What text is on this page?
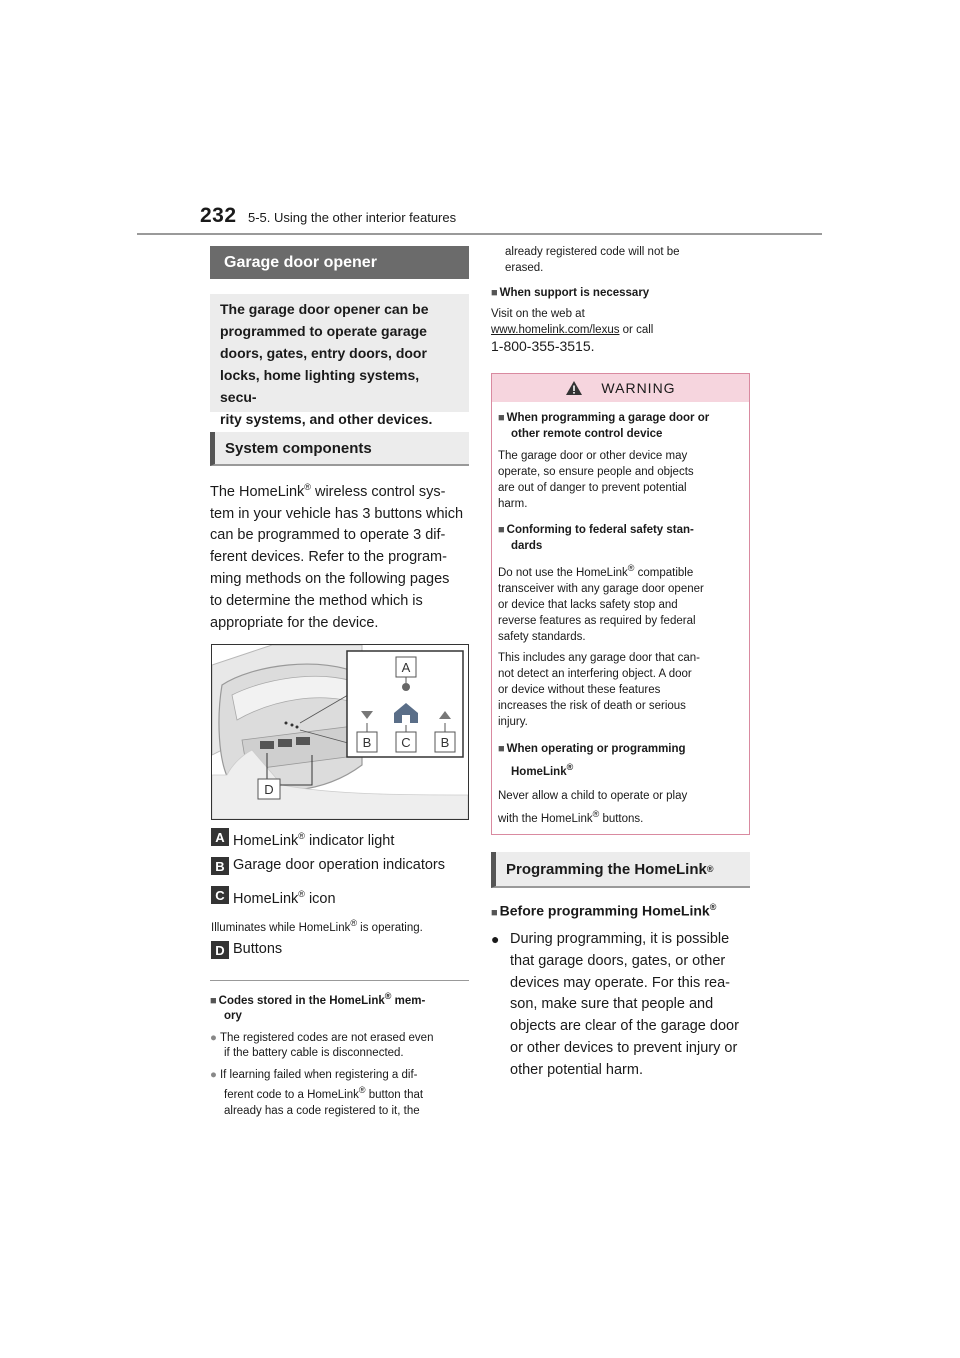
232 5-5. Using the other interior features
Garage door opener
The garage door opener can be
programmed to operate garage
doors, gates, entry doors, door
locks, home lighting systems, secu-
rity systems, and other devices.
System components
The HomeLink® wireless control sys-
tem in your vehicle has 3 buttons which
can be programmed to operate 3 dif-
ferent devices. Refer to the program-
ming methods on the following pages
to determine the method which is
appropriate for the device.
A
B C B
D
A HomeLink® indicator light
B Garage door operation indicators
C HomeLink® icon
Illuminates while HomeLink® is operating.
D Buttons
■ Codes stored in the HomeLink® mem-
ory
● The registered codes are not erased even
if the battery cable is disconnected.
● If learning failed when registering a dif-
ferent code to a HomeLink® button that
already has a code registered to it, the
already registered code will not be
erased.
■ When support is necessary
Visit on the web at
www.homelink.com/lexus or call
1-800-355-3515.
WARNING
■ When programming a garage door or
other remote control device
The garage door or other device may
operate, so ensure people and objects
are out of danger to prevent potential
harm.
■ Conforming to federal safety stan-
dards
Do not use the HomeLink® compatible
transceiver with any garage door opener
or device that lacks safety stop and
reverse features as required by federal
safety standards.
This includes any garage door that can-
not detect an interfering object. A door
or device without these features
increases the risk of death or serious
injury.
■ When operating or programming
HomeLink®
Never allow a child to operate or play
with the HomeLink® buttons.
Programming the HomeLink ®
■ Before programming HomeLink®
● During programming, it is possible
that garage doors, gates, or other
devices may operate. For this rea-
son, make sure that people and
objects are clear of the garage door
or other devices to prevent injury or
other potential harm.
